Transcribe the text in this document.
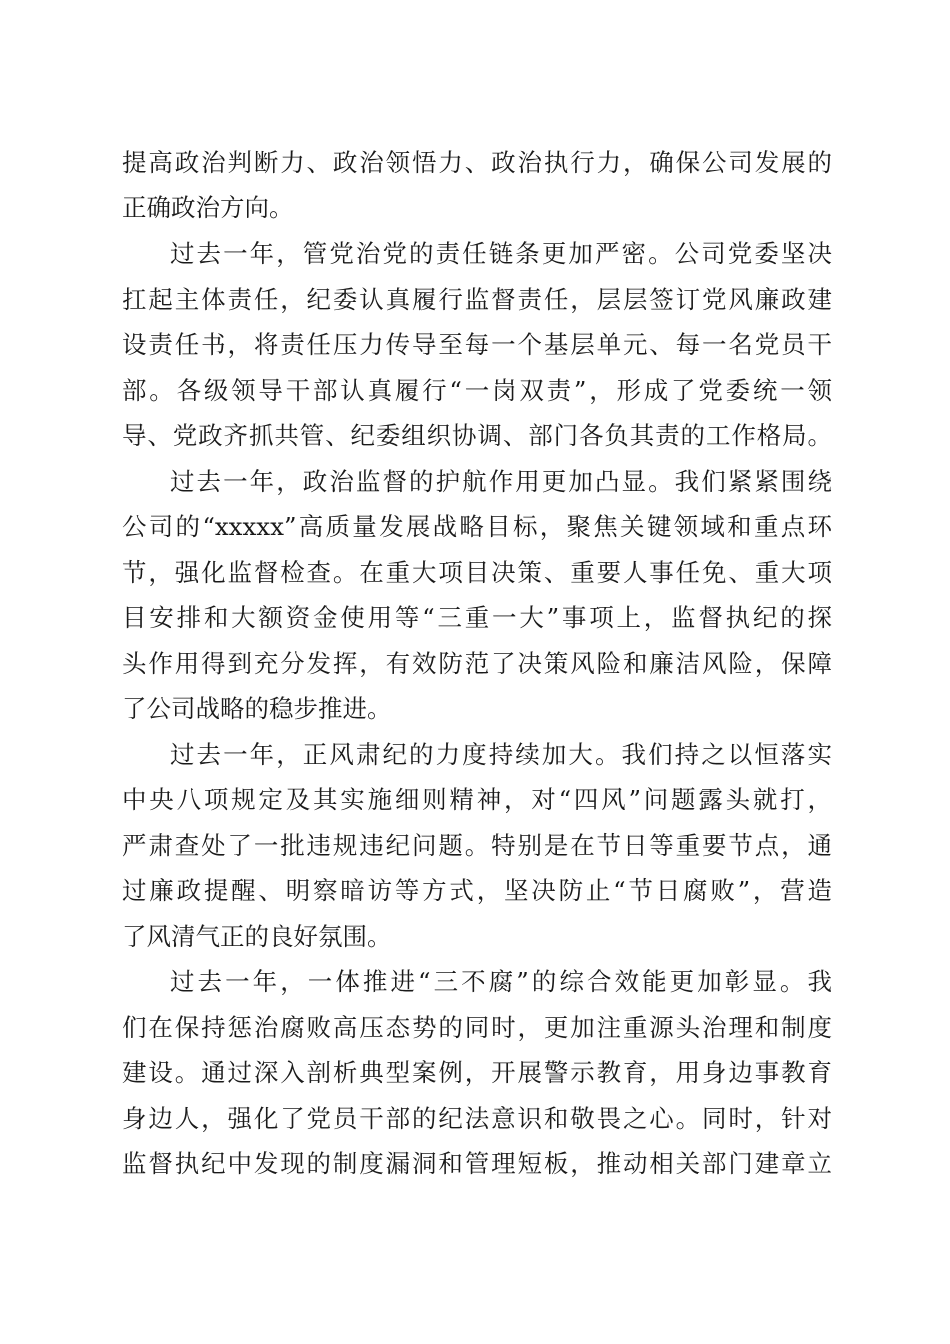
提高政治判断力、政治领悟力、政治执行力，确保公司发展的
正确政治方向。
过去一年，管党治党的责任链条更加严密。公司党委坚决
扛起主体责任，纪委认真履行监督责任，层层签订党风廉政建
设责任书，将责任压力传导至每一个基层单元、每一名党员干
部。各级领导干部认真履行“一岗双责”，形成了党委统一领
导、党政齐抓共管、纪委组织协调、部门各负其责的工作格局。
过去一年，政治监督的护航作用更加凸显。我们紧紧围绕
公司的“xxxxx”高质量发展战略目标，聚焦关键领域和重点环
节，强化监督检查。在重大项目决策、重要人事任免、重大项
目安排和大额资金使用等“三重一大”事项上，监督执纪的探
头作用得到充分发挥，有效防范了决策风险和廉洁风险，保障
了公司战略的稳步推进。
过去一年，正风肃纪的力度持续加大。我们持之以恒落实
中央八项规定及其实施细则精神，对“四风”问题露头就打，
严肃查处了一批违规违纪问题。特别是在节日等重要节点，通
过廉政提醒、明察暗访等方式，坚决防止“节日腐败”，营造
了风清气正的良好氛围。
过去一年，一体推进“三不腐”的综合效能更加彰显。我
们在保持惩治腐败高压态势的同时，更加注重源头治理和制度
建设。通过深入剖析典型案例，开展警示教育，用身边事教育
身边人，强化了党员干部的纪法意识和敬畏之心。同时，针对
监督执纪中发现的制度漏洞和管理短板，推动相关部门建章立
